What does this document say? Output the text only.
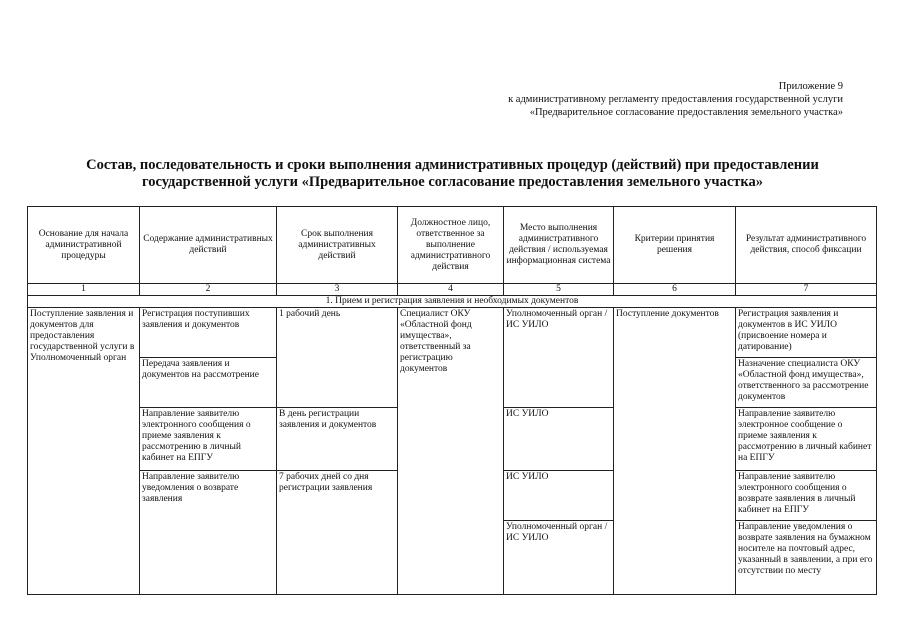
Приложение 9
к административному регламенту предоставления государственной услуги
«Предварительное согласование предоставления земельного участка»
Состав, последовательность и сроки выполнения административных процедур (действий) при предоставлении
государственной услуги «Предварительное согласование предоставления земельного участка»
Основание для начала административной процедуры	Содержание административных действий	Срок выполнения административных действий	Должностное лицо, ответственное за выполнение административного действия	Место выполнения административного действия / используемая информационная система	Критерии принятия решения	Результат административного действия, способ фиксации
1	2	3	4	5	6	7
1. Прием и регистрация заявления и необходимых документов						
Поступление заявления и документов для предоставления государственной услуги в Уполномоченный орган	Регистрация поступивших заявления и документов	1 рабочий день	Специалист ОКУ «Областной фонд имущества», ответственный за регистрацию документов	Уполномоченный орган / ИС УИЛО	Поступление документов	Регистрация заявления и документов в ИС УИЛО (присвоение номера и датирование)
	Передача заявления и документов на рассмотрение					Назначение специалиста ОКУ «Областной фонд имущества», ответственного за рассмотрение документов
	Направление заявителю электронного сообщения о приеме заявления к рассмотрению в личный кабинет на ЕПГУ	В день регистрации заявления и документов		ИС УИЛО		Направление заявителю электронное сообщение о приеме заявления к рассмотрению в личный кабинет на ЕПГУ
	Направление заявителю уведомления о возврате заявления	7 рабочих дней со дня регистрации заявления		ИС УИЛО		Направление заявителю электронного сообщения о возврате заявления в личный кабинет на ЕПГУ
				Уполномоченный орган / ИС УИЛО		Направление уведомления о возврате заявления на бумажном носителе на почтовый адрес, указанный в заявлении, а при его отсутствии по месту
